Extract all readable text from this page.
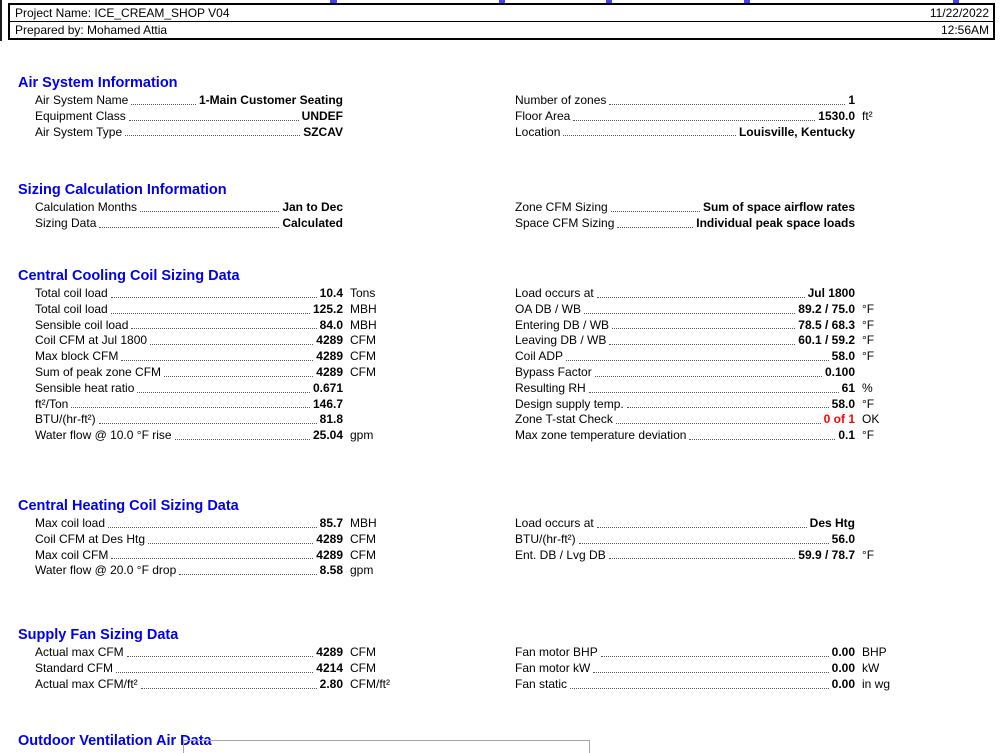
Project Name: ICE_CREAM_SHOP V04	11/22/2022
Prepared by: Mohamed Attia	12:56AM
Air System Information
Air System Name	1-Main Customer Seating
Equipment Class	UNDEF
Air System Type	SZCAV
Number of zones	1
Floor Area	1530.0 ft²
Location	Louisville, Kentucky
Sizing Calculation Information
Calculation Months	Jan to Dec
Sizing Data	Calculated
Zone CFM Sizing	Sum of space airflow rates
Space CFM Sizing	Individual peak space loads
Central Cooling Coil Sizing Data
Total coil load	10.4 Tons
Total coil load	125.2 MBH
Sensible coil load	84.0 MBH
Coil CFM at Jul 1800	4289 CFM
Max block CFM	4289 CFM
Sum of peak zone CFM	4289 CFM
Sensible heat ratio	0.671
ft²/Ton	146.7
BTU/(hr-ft²)	81.8
Water flow @ 10.0 °F rise	25.04 gpm
Load occurs at	Jul 1800
OA DB / WB	89.2 / 75.0 °F
Entering DB / WB	78.5 / 68.3 °F
Leaving DB / WB	60.1 / 59.2 °F
Coil ADP	58.0 °F
Bypass Factor	0.100
Resulting RH	61 %
Design supply temp.	58.0 °F
Zone T-stat Check	0 of 1 OK
Max zone temperature deviation	0.1 °F
Central Heating Coil Sizing Data
Max coil load	85.7 MBH
Coil CFM at Des Htg	4289 CFM
Max coil CFM	4289 CFM
Water flow @ 20.0 °F drop	8.58 gpm
Load occurs at	Des Htg
BTU/(hr-ft²)	56.0
Ent. DB / Lvg DB	59.9 / 78.7 °F
Supply Fan Sizing Data
Actual max CFM	4289 CFM
Standard CFM	4214 CFM
Actual max CFM/ft²	2.80 CFM/ft²
Fan motor BHP	0.00 BHP
Fan motor kW	0.00 kW
Fan static	0.00 in wg
Outdoor Ventilation Air Data
